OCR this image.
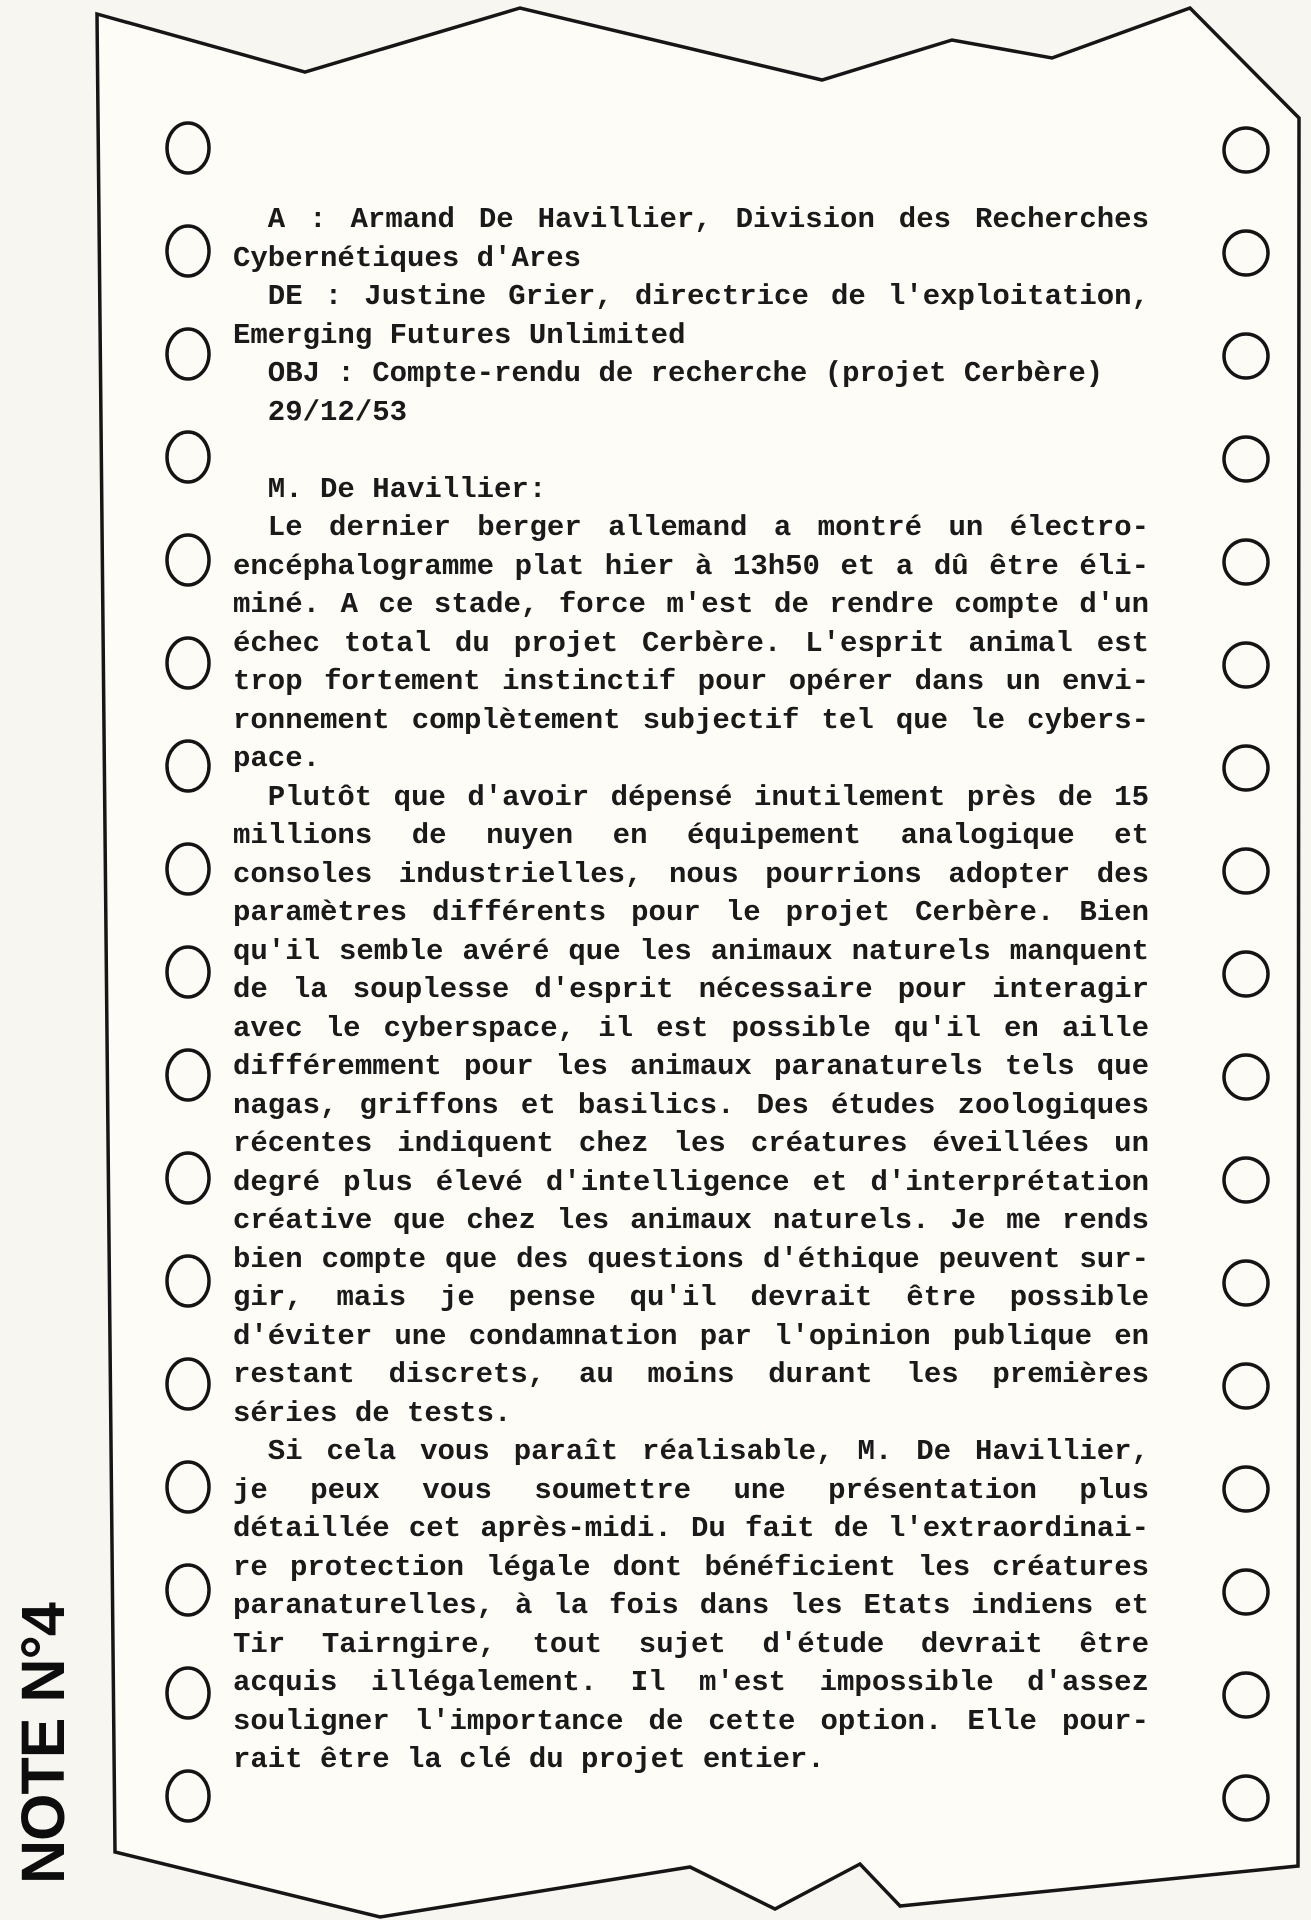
NOTE N°4
A : Armand De Havillier, Division des Recherches
Cybernétiques d'Ares
DE : Justine Grier, directrice de l'exploitation,
Emerging Futures Unlimited
OBJ : Compte-rendu de recherche (projet Cerbère)
29/12/53
M. De Havillier:
Le dernier berger allemand a montré un électro-
encéphalogramme plat hier à 13h50 et a dû être éli-
miné. A ce stade, force m'est de rendre compte d'un
échec total du projet Cerbère. L'esprit animal est
trop fortement instinctif pour opérer dans un envi-
ronnement complètement subjectif tel que le cybers-
pace.
Plutôt que d'avoir dépensé inutilement près de 15
millions de nuyen en équipement analogique et
consoles industrielles, nous pourrions adopter des
paramètres différents pour le projet Cerbère. Bien
qu'il semble avéré que les animaux naturels manquent
de la souplesse d'esprit nécessaire pour interagir
avec le cyberspace, il est possible qu'il en aille
différemment pour les animaux paranaturels tels que
nagas, griffons et basilics. Des études zoologiques
récentes indiquent chez les créatures éveillées un
degré plus élevé d'intelligence et d'interprétation
créative que chez les animaux naturels. Je me rends
bien compte que des questions d'éthique peuvent sur-
gir, mais je pense qu'il devrait être possible
d'éviter une condamnation par l'opinion publique en
restant discrets, au moins durant les premières
séries de tests.
Si cela vous paraît réalisable, M. De Havillier,
je peux vous soumettre une présentation plus
détaillée cet après-midi. Du fait de l'extraordinai-
re protection légale dont bénéficient les créatures
paranaturelles, à la fois dans les Etats indiens et
Tir Tairngire, tout sujet d'étude devrait être
acquis illégalement. Il m'est impossible d'assez
souligner l'importance de cette option. Elle pour-
rait être la clé du projet entier.
